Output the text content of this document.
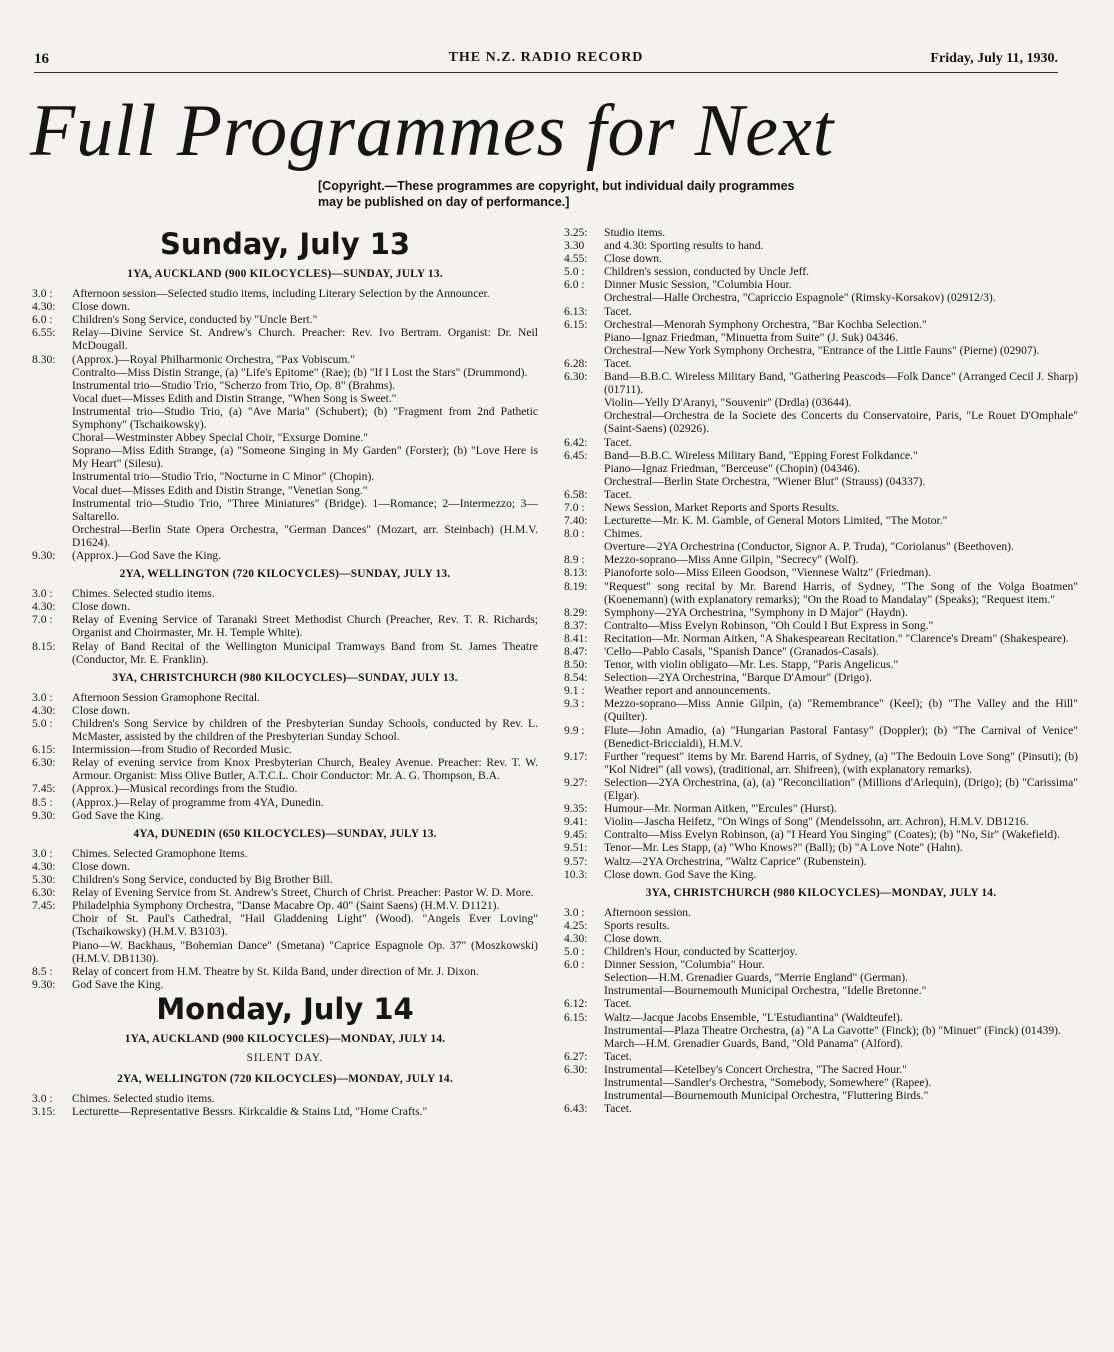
16	THE N.Z. RADIO RECORD	Friday, July 11, 1930.
Full Programmes for Next
[Copyright.—These programmes are copyright, but individual daily programmes may be published on day of performance.]
Sunday, July 13
1YA, AUCKLAND (900 KILOCYCLES)—SUNDAY, JULY 13.
3.0 :	Afternoon session—Selected studio items, including Literary Selection by the Announcer.
4.30:	Close down.
6.0 :	Children's Song Service, conducted by "Uncle Bert."
6.55:	Relay—Divine Service St. Andrew's Church. Preacher: Rev. Ivo Bertram. Organist: Dr. Neil McDougall.
8.30:	(Approx.)—Royal Philharmonic Orchestra, "Pax Vobiscum."
Contralto—Miss Distin Strange, (a) "Life's Epitome" (Rae); (b) "If I Lost the Stars" (Drummond).
Instrumental trio—Studio Trio, "Scherzo from Trio, Op. 8" (Brahms).
Vocal duet—Misses Edith and Distin Strange, "When Song is Sweet."
Instrumental trio—Studio Trio, (a) "Ave Maria" (Schubert); (b) "Fragment from 2nd Pathetic Symphony" (Tschaikowsky).
Choral—Westminster Abbey Special Choir, "Exsurge Domine."
Soprano—Miss Edith Strange, (a) "Someone Singing in My Garden" (Forster); (b) "Love Here is My Heart" (Silesu).
Instrumental trio—Studio Trio, "Nocturne in C Minor" (Chopin).
Vocal duet—Misses Edith and Distin Strange, "Venetian Song."
Instrumental trio—Studio Trio, "Three Miniatures" (Bridge). 1—Romance; 2—Intermezzo; 3—Saltarello.
Orchestral—Berlin State Opera Orchestra, "German Dances" (Mozart, arr. Steinbach) (H.M.V. D1624).
9.30:	(Approx.)—God Save the King.
2YA, WELLINGTON (720 KILOCYCLES)—SUNDAY, JULY 13.
3.0 :	Chimes. Selected studio items.
4.30:	Close down.
7.0 :	Relay of Evening Service of Taranaki Street Methodist Church (Preacher, Rev. T. R. Richards; Organist and Choirmaster, Mr. H. Temple White).
8.15:	Relay of Band Recital of the Wellington Municipal Tramways Band from St. James Theatre (Conductor, Mr. E. Franklin).
3YA, CHRISTCHURCH (980 KILOCYCLES)—SUNDAY, JULY 13.
3.0 :	Afternoon Session Gramophone Recital.
4.30:	Close down.
5.0 :	Children's Song Service by children of the Presbyterian Sunday Schools, conducted by Rev. L. McMaster, assisted by the children of the Presbyterian Sunday School.
6.15:	Intermission—from Studio of Recorded Music.
6.30:	Relay of evening service from Knox Presbyterian Church, Bealey Avenue. Preacher: Rev. T. W. Armour. Organist: Miss Olive Butler, A.T.C.L. Choir Conductor: Mr. A. G. Thompson, B.A.
7.45:	(Approx.)—Musical recordings from the Studio.
8.5 :	(Approx.)—Relay of programme from 4YA, Dunedin.
9.30:	God Save the King.
4YA, DUNEDIN (650 KILOCYCLES)—SUNDAY, JULY 13.
3.0 :	Chimes. Selected Gramophone Items.
4.30:	Close down.
5.30:	Children's Song Service, conducted by Big Brother Bill.
6.30:	Relay of Evening Service from St. Andrew's Street, Church of Christ. Preacher: Pastor W. D. More.
7.45:	Philadelphia Symphony Orchestra, "Danse Macabre Op. 40" (Saint Saens) (H.M.V. D1121).
Choir of St. Paul's Cathedral, "Hail Gladdening Light" (Wood). "Angels Ever Loving" (Tschaikowsky) (H.M.V. B3103).
Piano—W. Backhaus, "Bohemian Dance" (Smetana) "Caprice Espagnole Op. 37" (Moszkowski) (H.M.V. DB1130).
8.5 :	Relay of concert from H.M. Theatre by St. Kilda Band, under direction of Mr. J. Dixon.
9.30:	God Save the King.
Monday, July 14
1YA, AUCKLAND (900 KILOCYCLES)—MONDAY, JULY 14.
SILENT DAY.
2YA, WELLINGTON (720 KILOCYCLES)—MONDAY, JULY 14.
3.0 :	Chimes. Selected studio items.
3.15:	Lecturette—Representative Bessrs. Kirkcaldie & Stains Ltd, "Home Crafts."
3.25:	Studio items.
3.30	and 4.30: Sporting results to hand.
4.55:	Close down.
5.0 :	Children's session, conducted by Uncle Jeff.
6.0 :	Dinner Music Session, "Columbia Hour.
Orchestral—Halle Orchestra, "Capriccio Espagnole" (Rimsky-Korsakov) (02912/3).
6.13:	Tacet.
6.15:	Orchestral—Menorah Symphony Orchestra, "Bar Kochba Selection."
Piano—Ignaz Friedman, "Minuetta from Suite" (J. Suk) 04346.
Orchestral—New York Symphony Orchestra, "Entrance of the Little Fauns" (Pierne) (02907).
6.28:	Tacet.
6.30:	Band—B.B.C. Wireless Military Band, "Gathering Peascods—Folk Dance" (Arranged Cecil J. Sharp) (01711).
Violin—Yelly D'Aranyi, "Souvenir" (Drdla) (03644).
Orchestral—Orchestra de la Societe des Concerts du Conservatoire, Paris, "Le Rouet D'Omphale" (Saint-Saens) (02926).
6.42:	Tacet.
6.45:	Band—B.B.C. Wireless Military Band, "Epping Forest Folkdance."
Piano—Ignaz Friedman, "Berceuse" (Chopin) (04346).
Orchestral—Berlin State Orchestra, "Wiener Blut" (Strauss) (04337).
6.58:	Tacet.
7.0 :	News Session, Market Reports and Sports Results.
7.40:	Lecturette—Mr. K. M. Gamble, of General Motors Limited, "The Motor."
8.0 :	Chimes.
Overture—2YA Orchestrina (Conductor, Signor A. P. Truda), "Coriolanus" (Beethoven).
8.9 :	Mezzo-soprano—Miss Anne Gilpin, "Secrecy" (Wolf).
8.13:	Pianoforte solo—Miss Eileen Goodson, "Viennese Waltz" (Friedman).
8.19:	"Request" song recital by Mr. Barend Harris, of Sydney, "The Song of the Volga Boatmen" (Koenemann) (with explanatory remarks); "On the Road to Mandalay" (Speaks); "Request item."
8.29:	Symphony—2YA Orchestrina, "Symphony in D Major" (Haydn).
8.37:	Contralto—Miss Evelyn Robinson, "Oh Could I But Express in Song."
8.41:	Recitation—Mr. Norman Aitken, "A Shakespearean Recitation." "Clarence's Dream" (Shakespeare).
8.47:	'Cello—Pablo Casals, "Spanish Dance" (Granados-Casals).
8.50:	Tenor, with violin obligato—Mr. Les. Stapp, "Paris Angelicus."
8.54:	Selection—2YA Orchestrina, "Barque D'Amour" (Drigo).
9.1 :	Weather report and announcements.
9.3 :	Mezzo-soprano—Miss Annie Gilpin, (a) "Remembrance" (Keel); (b) "The Valley and the Hill" (Quilter).
9.9 :	Flute—John Amadio, (a) "Hungarian Pastoral Fantasy" (Doppler); (b) "The Carnival of Venice" (Benedict-Briccialdi), H.M.V.
9.17:	Further "request" items by Mr. Barend Harris, of Sydney, (a) "The Bedouin Love Song" (Pinsuti); (b) "Kol Nidrei" (all vows), (traditional, arr. Shifreen), (with explanatory remarks).
9.27:	Selection—2YA Orchestrina, (a), (a) "Reconciliation" (Millions d'Arlequin), (Drigo); (b) "Carissima" (Elgar).
9.35:	Humour—Mr. Norman Aitken, "'Ercules" (Hurst).
9.41:	Violin—Jascha Heifetz, "On Wings of Song" (Mendelssohn, arr. Achron), H.M.V. DB1216.
9.45:	Contralto—Miss Evelyn Robinson, (a) "I Heard You Singing" (Coates); (b) "No, Sir" (Wakefield).
9.51:	Tenor—Mr. Les Stapp, (a) "Who Knows?" (Ball); (b) "A Love Note" (Hahn).
9.57:	Waltz—2YA Orchestrina, "Waltz Caprice" (Rubenstein).
10.3:	Close down. God Save the King.
3YA, CHRISTCHURCH (980 KILOCYCLES)—MONDAY, JULY 14.
3.0 :	Afternoon session.
4.25:	Sports results.
4.30:	Close down.
5.0 :	Children's Hour, conducted by Scatterjoy.
6.0 :	Dinner Session, "Columbia" Hour.
Selection—H.M. Grenadier Guards, "Merrie England" (German).
Instrumental—Bournemouth Municipal Orchestra, "Idelle Bretonne."
6.12:	Tacet.
6.15:	Waltz—Jacque Jacobs Ensemble, "L'Estudiantina" (Waldteufel).
Instrumental—Plaza Theatre Orchestra, (a) "A La Gavotte" (Finck); (b) "Minuet" (Finck) (01439).
March—H.M. Grenadier Guards, Band, "Old Panama" (Alford).
6.27:	Tacet.
6.30:	Instrumental—Ketelbey's Concert Orchestra, "The Sacred Hour."
Instrumental—Sandler's Orchestra, "Somebody, Somewhere" (Rapee).
Instrumental—Bournemouth Municipal Orchestra, "Fluttering Birds."
6.43:	Tacet.
